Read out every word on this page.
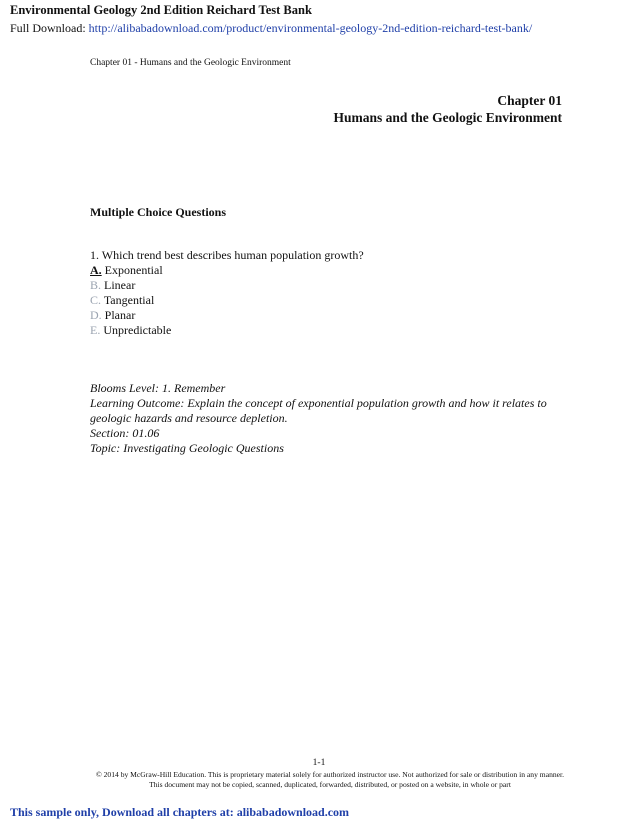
Environmental Geology 2nd Edition Reichard Test Bank
Full Download: http://alibabadownload.com/product/environmental-geology-2nd-edition-reichard-test-bank/
Chapter 01 - Humans and the Geologic Environment
Chapter 01
Humans and the Geologic Environment
Multiple Choice Questions
1. Which trend best describes human population growth?
A. Exponential
B. Linear
C. Tangential
D. Planar
E. Unpredictable
Blooms Level: 1. Remember
Learning Outcome: Explain the concept of exponential population growth and how it relates to geologic hazards and resource depletion.
Section: 01.06
Topic: Investigating Geologic Questions
1-1
© 2014 by McGraw-Hill Education. This is proprietary material solely for authorized instructor use. Not authorized for sale or distribution in any manner. This document may not be copied, scanned, duplicated, forwarded, distributed, or posted on a website, in whole or part
This sample only, Download all chapters at: alibabadownload.com
